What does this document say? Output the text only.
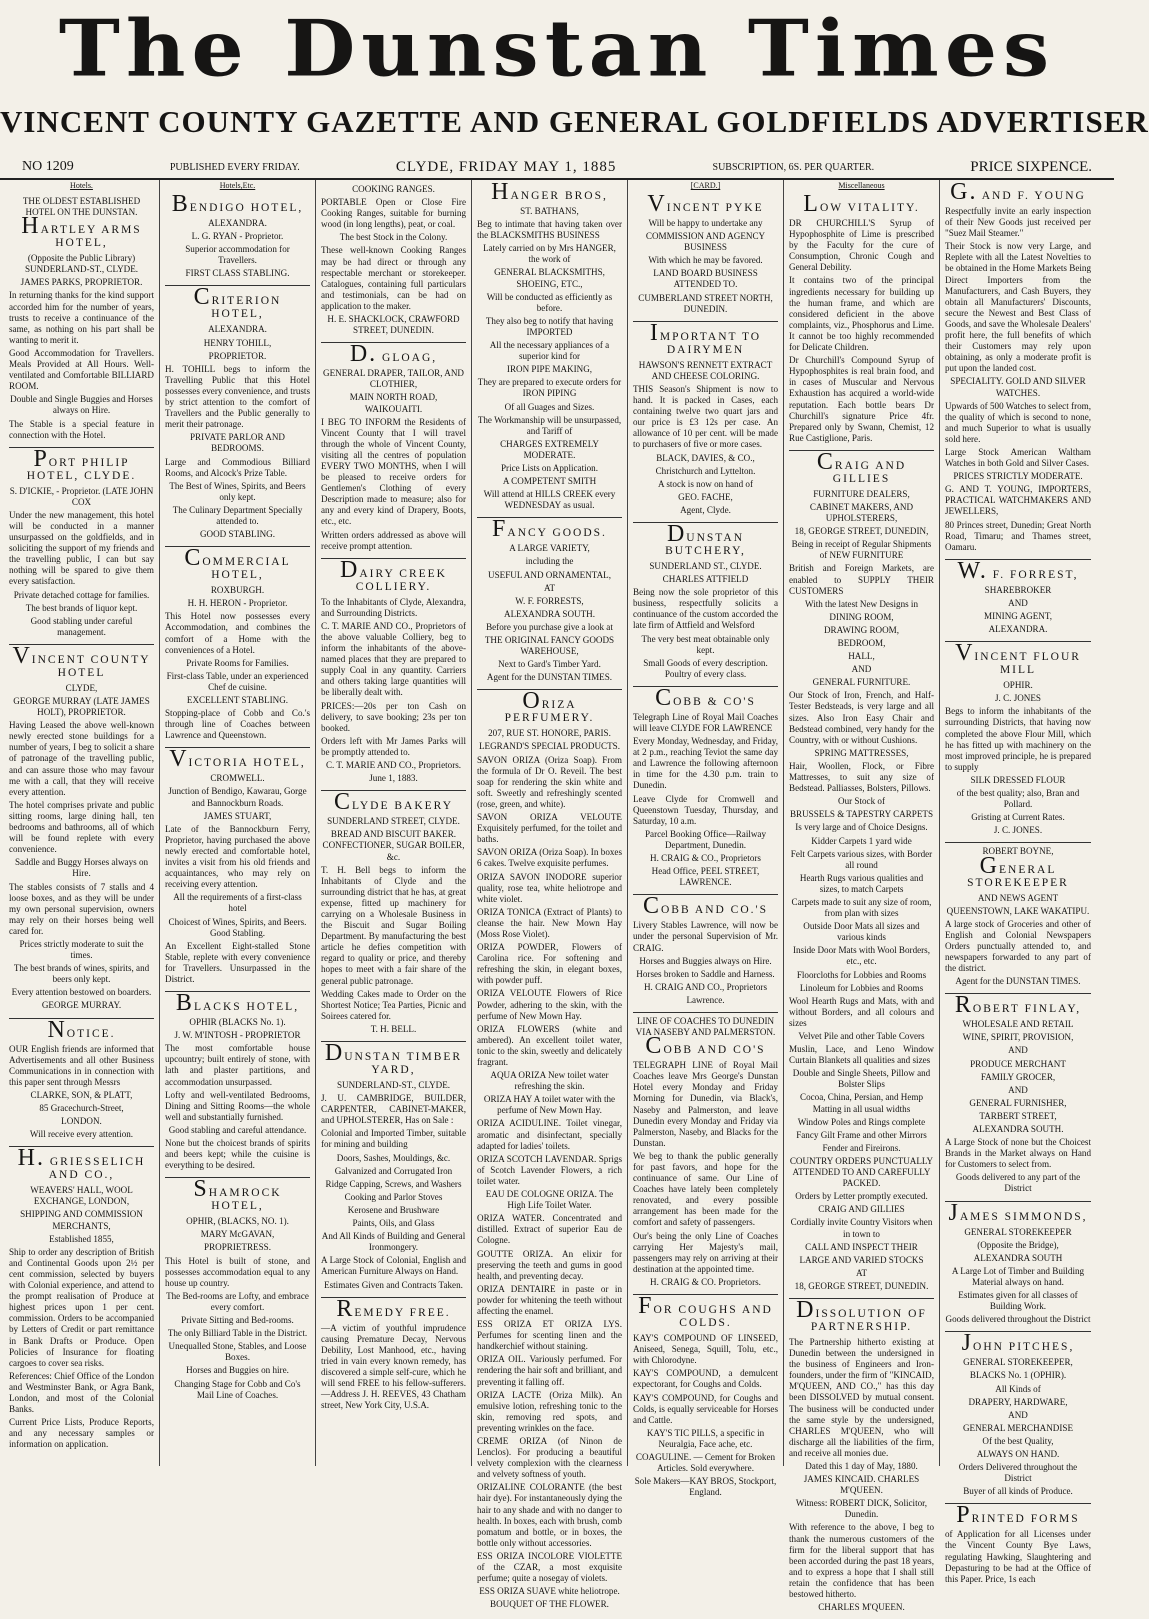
The Dunstan Times
VINCENT COUNTY GAZETTE AND GENERAL GOLDFIELDS ADVERTISER
NO 1209	PUBLISHED EVERY FRIDAY.	CLYDE, FRIDAY MAY 1, 1885	SUBSCRIPTION, 6S. PER QUARTER.	PRICE SIXPENCE.
Hotels.

THE OLDEST ESTABLISHED HOTEL ON THE DUNSTAN.

HARTLEY ARMS HOTEL,

(Opposite the Public Library) SUNDERLAND-ST., CLYDE.

JAMES PARKS, PROPRIETOR.

In returning thanks for the kind support accorded him for the number of years, trusts to receive a continuance of the same, as nothing on his part shall be wanting to merit it.

Good Accommodation for Travellers. Meals Provided at All Hours. Well-ventilated and Comfortable BILLIARD ROOM.

Double and Single Buggies and Horses always on Hire.

The Stable is a special feature in connection with the Hotel.

PORT PHILIP HOTEL, CLYDE.

S. D'ICKIE, - Proprietor. (LATE JOHN COX

Under the new management, this hotel will be conducted in a manner unsurpassed on the goldfields, and in soliciting the support of my friends and the travelling public, I can but say nothing will be spared to give them every satisfaction.

Private detached cottage for families.

The best brands of liquor kept.

Good stabling under careful management.

VINCENT COUNTY HOTEL

CLYDE,

GEORGE MURRAY (LATE JAMES HOLT), PROPRIETOR.

Having Leased the above well-known newly erected stone buildings for a number of years, I beg to solicit a share of patronage of the travelling public, and can assure those who may favour me with a call, that they will receive every attention.

The hotel comprises private and public sitting rooms, large dining hall, ten bedrooms and bathrooms, all of which will be found replete with every convenience.

Saddle and Buggy Horses always on Hire.

The stables consists of 7 stalls and 4 loose boxes, and as they will be under my own personal supervision, owners may rely on their horses being well cared for.

Prices strictly moderate to suit the times.

The best brands of wines, spirits, and beers only kept.

Every attention bestowed on boarders.

GEORGE MURRAY.

NOTICE.

OUR English friends are informed that Advertisements and all other Business Communications in in connection with this paper sent through Messrs

CLARKE, SON, & PLATT,

85 Gracechurch-Street,

LONDON.

Will receive every attention.

H. GRIESSELICH AND CO.,

WEAVERS' HALL, WOOL EXCHANGE, LONDON,

SHIPPING AND COMMISSION MERCHANTS,

Established 1855,

Ship to order any description of British and Continental Goods upon 2½ per cent commission, selected by buyers with Colonial experience, and attend to the prompt realisation of Produce at highest prices upon 1 per cent. commission. Orders to be accompanied by Letters of Credit or part remittance in Bank Drafts or Produce. Open Policies of Insurance for floating cargoes to cover sea risks.

References: Chief Office of the London and Westminster Bank, or Agra Bank, London, and most of the Colonial Banks.

Current Price Lists, Produce Reports, and any necessary samples or information on application.

Hotels,Etc.
BENDIGO HOTEL,

ALEXANDRA.

L. G. RYAN - Proprietor.

Superior accommodation for Travellers.

FIRST CLASS STABLING.

CRITERION HOTEL,

ALEXANDRA.

HENRY TOHILL,

PROPRIETOR.

H. TOHILL begs to inform the Travelling Public that this Hotel possesses every convenience, and trusts by strict attention to the comfort of Travellers and the Public generally to merit their patronage.

PRIVATE PARLOR AND BEDROOMS.

Large and Commodious Billiard Rooms, and Alcock's Prize Table.

The Best of Wines, Spirits, and Beers only kept.

The Culinary Department Specially attended to.

GOOD STABLING.

COMMERCIAL HOTEL,

ROXBURGH.

H. H. HERON - Proprietor.

This Hotel now possesses every Accommodation, and combines the comfort of a Home with the conveniences of a Hotel.

Private Rooms for Families.

First-class Table, under an experienced Chef de cuisine.

EXCELLENT STABLING.

Stopping-place of Cobb and Co.'s through line of Coaches between Lawrence and Queenstown.

VICTORIA HOTEL,

CROMWELL.

Junction of Bendigo, Kawarau, Gorge and Bannockburn Roads.

JAMES STUART,

Late of the Bannockburn Ferry, Proprietor, having purchased the above newly erected and comfortable hotel, invites a visit from his old friends and acquaintances, who may rely on receiving every attention.

All the requirements of a first-class hotel

Choicest of Wines, Spirits, and Beers. Good Stabling.

An Excellent Eight-stalled Stone Stable, replete with every convenience for Travellers. Unsurpassed in the District.

BLACKS HOTEL,

OPHIR (BLACKS No. 1).

J. W. M'INTOSH - PROPRIETOR

The most comfortable house upcountry; built entirely of stone, with lath and plaster partitions, and accommodation unsurpassed.

Lofty and well-ventilated Bedrooms, Dining and Sitting Rooms—the whole well and substantially furnished.

Good stabling and careful attendance.

None but the choicest brands of spirits and beers kept; while the cuisine is everything to be desired.

SHAMROCK HOTEL,

OPHIR, (BLACKS, NO. 1).

MARY McGAVAN,

PROPRIETRESS.

This Hotel is built of stone, and possesses accommodation equal to any house up country.

The Bed-rooms are Lofty, and embrace every comfort.

Private Sitting and Bed-rooms.

The only Billiard Table in the District.

Unequalled Stone, Stables, and Loose Boxes.

Horses and Buggies on hire.

Changing Stage for Cobb and Co's Mail Line of Coaches.

COOKING RANGES.

PORTABLE Open or Close Fire Cooking Ranges, suitable for burning wood (in long lengths), peat, or coal.

The best Stock in the Colony.

These well-known Cooking Ranges may be had direct or through any respectable merchant or storekeeper. Catalogues, containing full particulars and testimonials, can be had on application to the maker.

H. E. SHACKLOCK, CRAWFORD STREET, DUNEDIN.

D. GLOAG,

GENERAL DRAPER, TAILOR, AND CLOTHIER,

MAIN NORTH ROAD, WAIKOUAITI.

I BEG TO INFORM the Residents of Vincent County that I will travel through the whole of Vincent County, visiting all the centres of population EVERY TWO MONTHS, when I will be pleased to receive orders for Gentlemen's Clothing of every Description made to measure; also for any and every kind of Drapery, Boots, etc., etc.

Written orders addressed as above will receive prompt attention.

DAIRY CREEK COLLIERY.

To the Inhabitants of Clyde, Alexandra, and Surrounding Districts.

C. T. MARIE AND CO., Proprietors of the above valuable Colliery, beg to inform the inhabitants of the above-named places that they are prepared to supply Coal in any quantity. Carriers and others taking large quantities will be liberally dealt with.

PRICES:—20s per ton Cash on delivery, to save booking; 23s per ton booked.

Orders left with Mr James Parks will be promptly attended to.

C. T. MARIE AND CO., Proprietors.

June 1, 1883.

CLYDE BAKERY

SUNDERLAND STREET, CLYDE.

BREAD AND BISCUIT BAKER. CONFECTIONER, SUGAR BOILER, &c.

T. H. Bell begs to inform the Inhabitants of Clyde and the surrounding district that he has, at great expense, fitted up machinery for carrying on a Wholesale Business in the Biscuit and Sugar Boiling Department. By manufacturing the best article he defies competition with regard to quality or price, and thereby hopes to meet with a fair share of the general public patronage.

Wedding Cakes made to Order on the Shortest Notice; Tea Parties, Picnic and Soirees catered for.

T. H. BELL.

DUNSTAN TIMBER YARD,

SUNDERLAND-ST., CLYDE.

J. U. CAMBRIDGE, BUILDER, CARPENTER, CABINET-MAKER, and UPHOLSTERER, Has on Sale :

Colonial and Imported Timber, suitable for mining and building

Doors, Sashes, Mouldings, &c.

Galvanized and Corrugated Iron

Ridge Capping, Screws, and Washers

Cooking and Parlor Stoves

Kerosene and Brushware

Paints, Oils, and Glass

And All Kinds of Building and General Ironmongery.

A Large Stock of Colonial, English and American Furniture Always on Hand.

Estimates Given and Contracts Taken.

REMEDY FREE.

—A victim of youthful imprudence causing Premature Decay, Nervous Debility, Lost Manhood, etc., having tried in vain every known remedy, has discovered a simple self-cure, which he will send FREE to his fellow-sufferers. —Address J. H. REEVES, 43 Chatham street, New York City, U.S.A.

HANGER BROS,

ST. BATHANS,

Beg to intimate that having taken over the BLACKSMITHS BUSINESS

Lately carried on by Mrs HANGER, the work of

GENERAL BLACKSMITHS, SHOEING, ETC.,

Will be conducted as efficiently as before.

They also beg to notify that having IMPORTED

All the necessary appliances of a superior kind for

IRON PIPE MAKING,

They are prepared to execute orders for IRON PIPING

Of all Guages and Sizes.

The Workmanship will be unsurpassed, and Tariff of

CHARGES EXTREMELY MODERATE.

Price Lists on Application.

A COMPETENT SMITH

Will attend at HILLS CREEK every WEDNESDAY as usual.

FANCY GOODS.

A LARGE VARIETY,

including the

USEFUL AND ORNAMENTAL,

AT

W. F. FORRESTS,

ALEXANDRA SOUTH.

Before you purchase give a look at

THE ORIGINAL FANCY GOODS WAREHOUSE,

Next to Gard's Timber Yard.

Agent for the DUNSTAN TIMES.

ORIZA PERFUMERY.

207, RUE ST. HONORE, PARIS.

LEGRAND'S SPECIAL PRODUCTS.

SAVON ORIZA (Oriza Soap). From the formula of Dr O. Reveil. The best soap for rendering the skin white and soft. Sweetly and refreshingly scented (rose, green, and white).

SAVON ORIZA VELOUTE Exquisitely perfumed, for the toilet and baths.

SAVON ORIZA (Oriza Soap). In boxes 6 cakes. Twelve exquisite perfumes.

ORIZA SAVON INODORE superior quality, rose tea, white heliotrope and white violet.

ORIZA TONICA (Extract of Plants) to cleanse the hair. New Mown Hay (Moss Rose Violet).

ORIZA POWDER, Flowers of Carolina rice. For softening and refreshing the skin, in elegant boxes, with powder puff.

ORIZA VELOUTE Flowers of Rice Powder, adhering to the skin, with the perfume of New Mown Hay.

ORIZA FLOWERS (white and ambered). An excellent toilet water, tonic to the skin, sweetly and delicately fragrant.

AQUA ORIZA New toilet water refreshing the skin.

ORIZA HAY A toilet water with the perfume of New Mown Hay.

ORIZA ACIDULINE. Toilet vinegar, aromatic and disinfectant, specially adapted for ladies' toilets.

ORIZA SCOTCH LAVENDAR. Sprigs of Scotch Lavender Flowers, a rich toilet water.

EAU DE COLOGNE ORIZA. The High Life Toilet Water.

ORIZA WATER. Concentrated and distilled. Extract of superior Eau de Cologne.

GOUTTE ORIZA. An elixir for preserving the teeth and gums in good health, and preventing decay.

ORIZA DENTAIRE in paste or in powder for whitening the teeth without affecting the enamel.

ESS ORIZA ET ORIZA LYS. Perfumes for scenting linen and the handkerchief without staining.

ORIZA OIL. Variously perfumed. For rendering the hair soft and brilliant, and preventing it falling off.

ORIZA LACTE (Oriza Milk). An emulsive lotion, refreshing tonic to the skin, removing red spots, and preventing wrinkles on the face.

CREME ORIZA (of Ninon de Lenclos). For producing a beautiful velvety complexion with the clearness and velvety softness of youth.

ORIZALINE COLORANTE (the best hair dye). For instantaneously dying the hair to any shade and with no danger to health. In boxes, each with brush, comb pomatum and bottle, or in boxes, the bottle only without accessories.

ESS ORIZA INCOLORE VIOLETTE of the CZAR, a most exquisite perfume; quite a nosegay of violets.

ESS ORIZA SUAVE white heliotrope.

BOUQUET OF THE FLOWER.

[CARD.]
VINCENT PYKE

Will be happy to undertake any

COMMISSION AND AGENCY BUSINESS

With which he may be favored.

LAND BOARD BUSINESS ATTENDED TO.

CUMBERLAND STREET NORTH, DUNEDIN.

IMPORTANT TO DAIRYMEN

HAWSON'S RENNETT EXTRACT AND CHEESE COLORING.

THIS Season's Shipment is now to hand. It is packed in Cases, each containing twelve two quart jars and our price is £3 12s per case. An allowance of 10 per cent. will be made to purchasers of five or more cases.

BLACK, DAVIES, & CO.,

Christchurch and Lyttelton.

A stock is now on hand of

GEO. FACHE,

Agent, Clyde.

DUNSTAN BUTCHERY,

SUNDERLAND ST., CLYDE.

CHARLES ATTFIELD

Being now the sole proprietor of this business, respectfully solicits a continuance of the custom accorded the late firm of Attfield and Welsford

The very best meat obtainable only kept.

Small Goods of every description. Poultry of every class.

COBB & CO'S

Telegraph Line of Royal Mail Coaches will leave CLYDE FOR LAWRENCE

Every Monday, Wednesday, and Friday, at 2 p.m., reaching Teviot the same day and Lawrence the following afternoon in time for the 4.30 p.m. train to Dunedin.

Leave Clyde for Cromwell and Queenstown Tuesday, Thursday, and Saturday, 10 a.m.

Parcel Booking Office—Railway Department, Dunedin.

H. CRAIG & CO., Proprietors

Head Office, PEEL STREET, LAWRENCE.

COBB AND CO.'S

Livery Stables Lawrence, will now be under the personal Supervision of Mr. CRAIG.

Horses and Buggies always on Hire.

Horses broken to Saddle and Harness.

H. CRAIG AND CO., Proprietors

Lawrence.

LINE OF COACHES TO DUNEDIN VIA NASEBY AND PALMERSTON.

COBB AND CO'S

TELEGRAPH LINE of Royal Mail Coaches leave Mrs George's Dunstan Hotel every Monday and Friday Morning for Dunedin, via Black's, Naseby and Palmerston, and leave Dunedin every Monday and Friday via Palmerston, Naseby, and Blacks for the Dunstan.

We beg to thank the public generally for past favors, and hope for the continuance of same. Our Line of Coaches have lately been completely renovated, and every possible arrangement has been made for the comfort and safety of passengers.

Our's being the only Line of Coaches carrying Her Majesty's mail, passengers may rely on arriving at their destination at the appointed time.

H. CRAIG & CO. Proprietors.

FOR COUGHS AND COLDS.

KAY'S COMPOUND OF LINSEED, Aniseed, Senega, Squill, Tolu, etc., with Chlorodyne.

KAY'S COMPOUND, a demulcent expectorant, for Coughs and Colds.

KAY'S COMPOUND, for Coughs and Colds, is equally serviceable for Horses and Cattle.

KAY'S TIC PILLS, a specific in Neuralgia, Face ache, etc.

COAGULINE. — Cement for Broken Articles. Sold everywhere.

Sole Makers—KAY BROS, Stockport, England.

Miscellaneous
LOW VITALITY.

DR CHURCHILL'S Syrup of Hypophosphite of Lime is prescribed by the Faculty for the cure of Consumption, Chronic Cough and General Debility.

It contains two of the principal ingredients necessary for building up the human frame, and which are considered deficient in the above complaints, viz., Phosphorus and Lime. It cannot be too highly recommended for Delicate Children.

Dr Churchill's Compound Syrup of Hypophosphites is real brain food, and in cases of Muscular and Nervous Exhaustion has acquired a world-wide reputation. Each bottle bears Dr Churchill's signature Price 4fr. Prepared only by Swann, Chemist, 12 Rue Castiglione, Paris.

CRAIG AND GILLIES

FURNITURE DEALERS,

CABINET MAKERS, AND UPHOLSTERERS,

18, GEORGE STREET, DUNEDIN,

Being in receipt of Regular Shipments of NEW FURNITURE

British and Foreign Markets, are enabled to SUPPLY THEIR CUSTOMERS

With the latest New Designs in

DINING ROOM,

DRAWING ROOM,

BEDROOM,

HALL,

AND

GENERAL FURNITURE.

Our Stock of Iron, French, and Half-Tester Bedsteads, is very large and all sizes. Also Iron Easy Chair and Bedstead combined, very handy for the Country, with or without Cushions.

SPRING MATTRESSES,

Hair, Woollen, Flock, or Fibre Mattresses, to suit any size of Bedstead. Palliasses, Bolsters, Pillows.

Our Stock of

BRUSSELS & TAPESTRY CARPETS

Is very large and of Choice Designs.

Kidder Carpets 1 yard wide

Felt Carpets various sizes, with Border all round

Hearth Rugs various qualities and sizes, to match Carpets

Carpets made to suit any size of room, from plan with sizes

Outside Door Mats all sizes and various kinds

Inside Door Mats with Wool Borders, etc., etc.

Floorcloths for Lobbies and Rooms

Linoleum for Lobbies and Rooms

Wool Hearth Rugs and Mats, with and without Borders, and all colours and sizes

Velvet Pile and other Table Covers

Muslin, Lace, and Leno Window Curtain Blankets all qualities and sizes

Double and Single Sheets, Pillow and Bolster Slips

Cocoa, China, Persian, and Hemp Matting in all usual widths

Window Poles and Rings complete

Fancy Gilt Frame and other Mirrors

Fender and Fireirons.

COUNTRY ORDERS PUNCTUALLY ATTENDED TO AND CAREFULLY PACKED.

Orders by Letter promptly executed.

CRAIG AND GILLIES

Cordially invite Country Visitors when in town to

CALL AND INSPECT THEIR

LARGE AND VARIED STOCKS

AT

18, GEORGE STREET, DUNEDIN.

DISSOLUTION OF PARTNERSHIP.

The Partnership hitherto existing at Dunedin between the undersigned in the business of Engineers and Iron-founders, under the firm of "KINCAID, M'QUEEN, AND CO.," has this day been DISSOLVED by mutual consent. The business will be conducted under the same style by the undersigned, CHARLES M'QUEEN, who will discharge all the liabilities of the firm, and receive all monies due.

Dated this 1 day of May, 1880.

JAMES KINCAID. CHARLES M'QUEEN.

Witness: ROBERT DICK, Solicitor, Dunedin.

With reference to the above, I beg to thank the numerous customers of the firm for the liberal support that has been accorded during the past 18 years, and to express a hope that I shall still retain the confidence that has been bestowed hitherto.

CHARLES M'QUEEN.

G. AND F. YOUNG

Respectfully invite an early inspection of their New Goods just received per "Suez Mail Steamer."

Their Stock is now very Large, and Replete with all the Latest Novelties to be obtained in the Home Markets Being Direct Importers from the Manufacturers, and Cash Buyers, they obtain all Manufacturers' Discounts, secure the Newest and Best Class of Goods, and save the Wholesale Dealers' profit here, the full benefits of which their Customers may rely upon obtaining, as only a moderate profit is put upon the landed cost.

SPECIALITY. GOLD AND SILVER WATCHES.

Upwards of 500 Watches to select from, the quality of which is second to none, and much Superior to what is usually sold here.

Large Stock American Waltham Watches in both Gold and Silver Cases.

PRICES STRICTLY MODERATE.

G. AND T. YOUNG, IMPORTERS, PRACTICAL WATCHMAKERS AND JEWELLERS,

80 Princes street, Dunedin; Great North Road, Timaru; and Thames street, Oamaru.

W. F. FORREST,

SHAREBROKER

AND

MINING AGENT,

ALEXANDRA.

VINCENT FLOUR MILL

OPHIR.

J. C. JONES

Begs to inform the inhabitants of the surrounding Districts, that having now completed the above Flour Mill, which he has fitted up with machinery on the most improved principle, he is prepared to supply

SILK DRESSED FLOUR

of the best quality; also, Bran and Pollard.

Gristing at Current Rates.

J. C. JONES.

ROBERT BOYNE,

GENERAL STOREKEEPER

AND NEWS AGENT

QUEENSTOWN, LAKE WAKATIPU.

A large stock of Groceries and other of English and Colonial Newspapers Orders punctually attended to, and newspapers forwarded to any part of the district.

Agent for the DUNSTAN TIMES.

ROBERT FINLAY,

WHOLESALE AND RETAIL

WINE, SPIRIT, PROVISION,

AND

PRODUCE MERCHANT

FAMILY GROCER,

AND

GENERAL FURNISHER,

TARBERT STREET,

ALEXANDRA SOUTH.

A Large Stock of none but the Choicest Brands in the Market always on Hand for Customers to select from.

Goods delivered to any part of the District

JAMES SIMMONDS,

GENERAL STOREKEEPER

(Opposite the Bridge),

ALEXANDRA SOUTH

A Large Lot of Timber and Building Material always on hand.

Estimates given for all classes of Building Work.

Goods delivered throughout the District

JOHN PITCHES,

GENERAL STOREKEEPER,

BLACKS No. 1 (OPHIR).

All Kinds of

DRAPERY, HARDWARE,

AND

GENERAL MERCHANDISE

Of the best Quality,

ALWAYS ON HAND.

Orders Delivered throughout the District

Buyer of all kinds of Produce.

PRINTED FORMS

of Application for all Licenses under the Vincent County Bye Laws, regulating Hawking, Slaughtering and Depasturing to be had at the Office of this Paper. Price, 1s each
